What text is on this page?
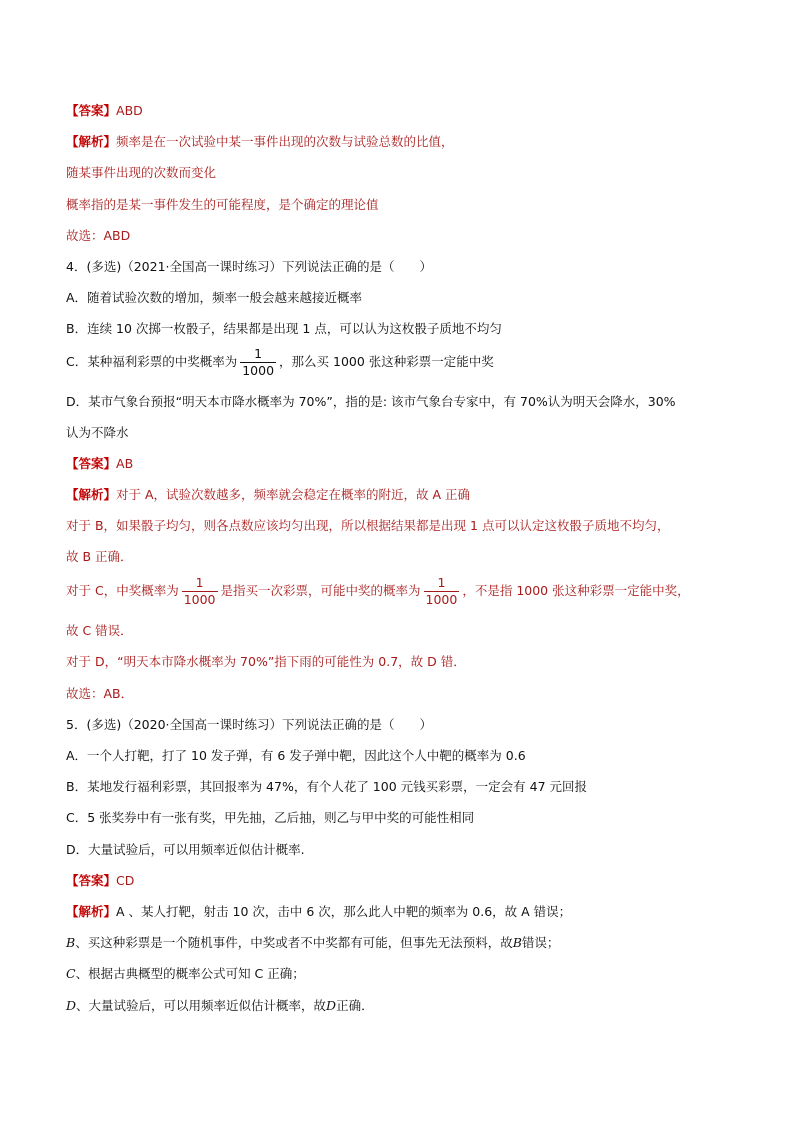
【答案】ABD
【解析】频率是在一次试验中某一事件出现的次数与试验总数的比值，
随某事件出现的次数而变化
概率指的是某一事件发生的可能程度，是个确定的理论值
故选：ABD
4．(多选)（2021·全国高一课时练习）下列说法正确的是（　　）
A．随着试验次数的增加，频率一般会越来越接近概率
B．连续 10 次掷一枚骰子，结果都是出现 1 点，可以认为这枚骰子质地不均匀
C．某种福利彩票的中奖概率为 $\frac{1}{1000}$ ，那么买 1000 张这种彩票一定能中奖
D．某市气象台预报“明天本市降水概率为 70%”，指的是: 该市气象台专家中，有 70%认为明天会降水，30%
认为不降水
【答案】AB
【解析】对于 A，试验次数越多，频率就会稳定在概率的附近，故 A 正确
对于 B，如果骰子均匀，则各点数应该均匀出现，所以根据结果都是出现 1 点可以认定这枚骰子质地不均匀，
故 B 正确．
对于 C，中奖概率为 $\frac{1}{1000}$ 是指买一次彩票，可能中奖的概率为 $\frac{1}{1000}$ ，不是指 1000 张这种彩票一定能中奖，
故 C 错误．
对于 D，“明天本市降水概率为 70%”指下雨的可能性为 0.7，故 D 错．
故选：AB．
5．(多选)（2020·全国高一课时练习）下列说法正确的是（　　）
A．一个人打靶，打了 10 发子弹，有 6 发子弹中靶，因此这个人中靶的概率为 0.6
B．某地发行福利彩票，其回报率为 47%，有个人花了 100 元钱买彩票，一定会有 47 元回报
C．5 张奖券中有一张有奖，甲先抽，乙后抽，则乙与甲中奖的可能性相同
D．大量试验后，可以用频率近似估计概率.
【答案】CD
【解析】A 、某人打靶，射击 10 次，击中 6 次，那么此人中靶的频率为 0.6，故 A 错误；
B、买这种彩票是一个随机事件，中奖或者不中奖都有可能，但事先无法预料，故B错误；
C、根据古典概型的概率公式可知 C 正确；
D、大量试验后，可以用频率近似估计概率，故D正确．
